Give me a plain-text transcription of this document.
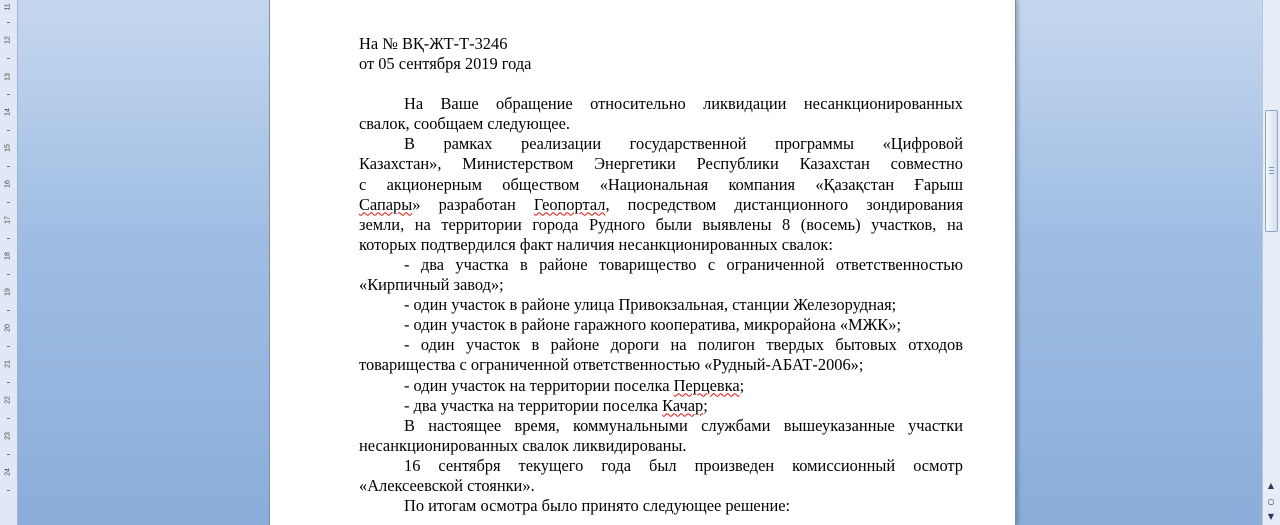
11
12
13
14
15
16
17
18
19
20
21
22
23
24
На № ВҚ-ЖТ-Т-3246
от 05 сентября 2019 года
На Ваше обращение относительно ликвидации несанкционированных
свалок, сообщаем следующее.
В рамках реализации государственной программы «Цифровой
Казахстан», Министерством Энергетики Республики Казахстан совместно
с акционерным обществом «Национальная компания «Қазақстан Ғарыш
Сапары» разработан Геопортал, посредством дистанционного зондирования
земли, на территории города Рудного были выявлены 8 (восемь) участков, на
которых подтвердился факт наличия несанкционированных свалок:
- два участка в районе товарищество с ограниченной ответственностью
«Кирпичный завод»;
- один участок в районе улица Привокзальная, станции Железорудная;
- один участок в районе гаражного кооператива, микрорайона «МЖК»;
- один участок в районе дороги на полигон твердых бытовых отходов
товарищества с ограниченной ответственностью «Рудный-АБАТ-2006»;
- один участок на территории поселка Перцевка;
- два участка на территории поселка Качар;
В настоящее время, коммунальными службами вышеуказанные участки
несанкционированных свалок ликвидированы.
16 сентября текущего года был произведен комиссионный осмотр
«Алексеевской стоянки».
По итогам осмотра было принято следующее решение:
▲
○
▼
